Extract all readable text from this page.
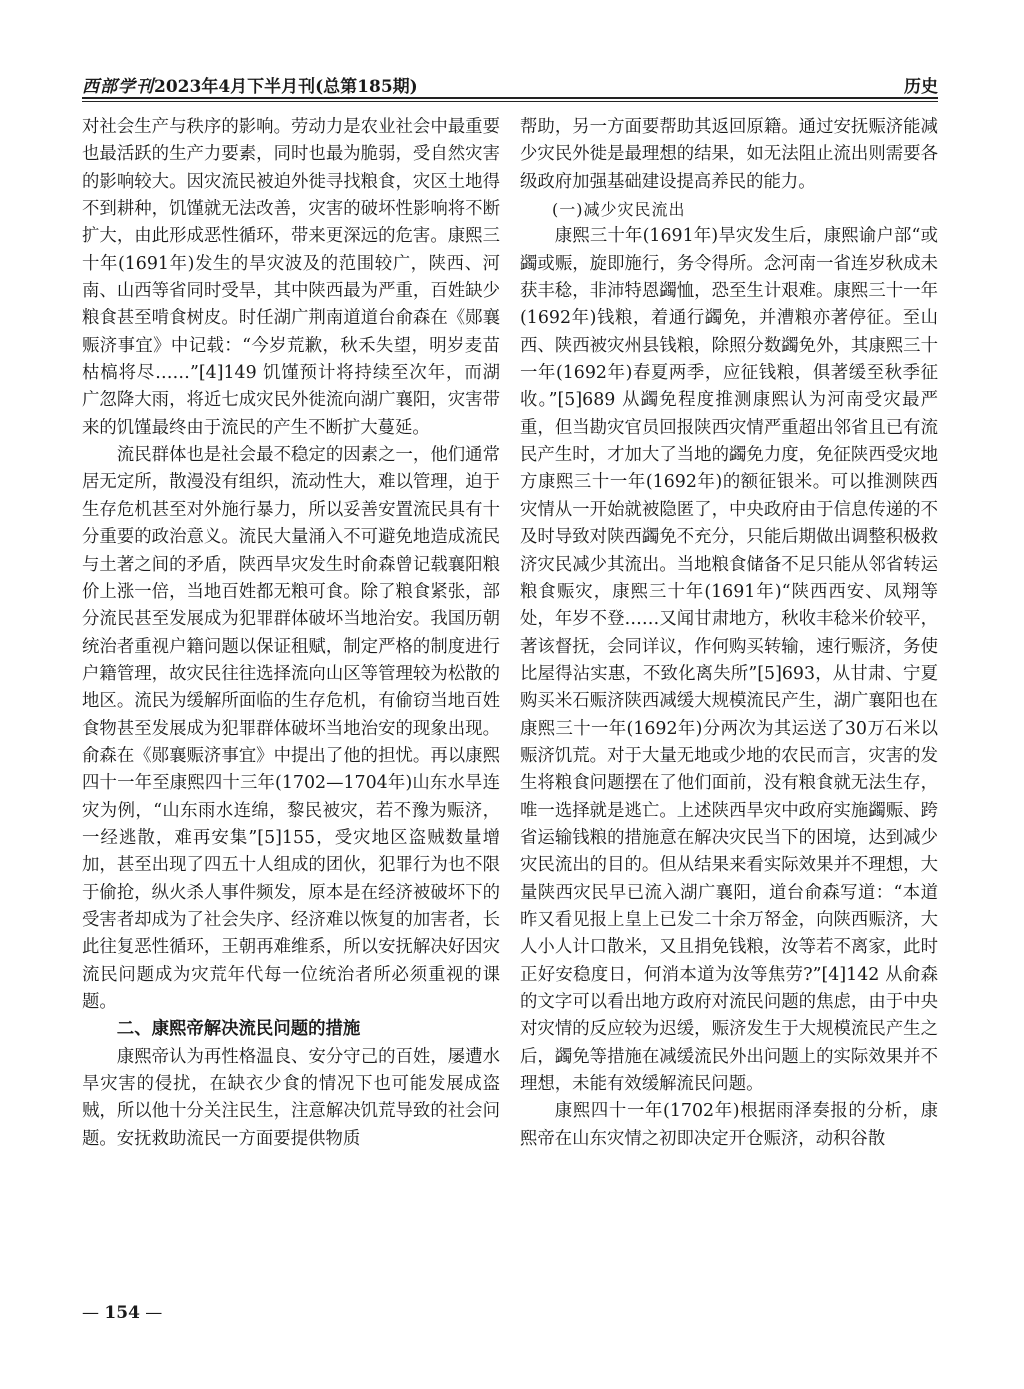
西部学刊2023年4月下半月刊(总第185期)	历史

对社会生产与秩序的影响。劳动力是农业社会中最重要也最活跃的生产力要素，同时也最为脆弱，受自然灾害的影响较大。因灾流民被迫外徙寻找粮食，灾区土地得不到耕种，饥馑就无法改善，灾害的破坏性影响将不断扩大，由此形成恶性循环，带来更深远的危害。康熙三十年(1691年)发生的旱灾波及的范围较广，陕西、河南、山西等省同时受旱，其中陕西最为严重，百姓缺少粮食甚至啃食树皮。时任湖广荆南道道台俞森在《郧襄赈济事宜》中记载：“今岁荒歉，秋禾失望，明岁麦苗枯槁将尽……”[4]149 饥馑预计将持续至次年，而湖广忽降大雨，将近七成灾民外徙流向湖广襄阳，灾害带来的饥馑最终由于流民的产生不断扩大蔓延。

流民群体也是社会最不稳定的因素之一，他们通常居无定所，散漫没有组织，流动性大，难以管理，迫于生存危机甚至对外施行暴力，所以妥善安置流民具有十分重要的政治意义。流民大量涌入不可避免地造成流民与土著之间的矛盾，陕西旱灾发生时俞森曾记载襄阳粮价上涨一倍，当地百姓都无粮可食。除了粮食紧张，部分流民甚至发展成为犯罪群体破坏当地治安。我国历朝统治者重视户籍问题以保证租赋，制定严格的制度进行户籍管理，故灾民往往选择流向山区等管理较为松散的地区。流民为缓解所面临的生存危机，有偷窃当地百姓食物甚至发展成为犯罪群体破坏当地治安的现象出现。俞森在《郧襄赈济事宜》中提出了他的担忧。再以康熙四十一年至康熙四十三年(1702—1704年)山东水旱连灾为例，“山东雨水连绵，黎民被灾，若不豫为赈济，一经逃散，难再安集”[5]155，受灾地区盗贼数量增加，甚至出现了四五十人组成的团伙，犯罪行为也不限于偷抢，纵火杀人事件频发，原本是在经济被破坏下的受害者却成为了社会失序、经济难以恢复的加害者，长此往复恶性循环，王朝再难维系，所以安抚解决好因灾流民问题成为灾荒年代每一位统治者所必须重视的课题。

二、康熙帝解决流民问题的措施

康熙帝认为再性格温良、安分守己的百姓，屡遭水旱灾害的侵扰，在缺衣少食的情况下也可能发展成盗贼，所以他十分关注民生，注意解决饥荒导致的社会问题。安抚救助流民一方面要提供物质

帮助，另一方面要帮助其返回原籍。通过安抚赈济能减少灾民外徙是最理想的结果，如无法阻止流出则需要各级政府加强基础建设提高养民的能力。

(一)减少灾民流出

康熙三十年(1691年)旱灾发生后，康熙谕户部“或蠲或赈，旋即施行，务令得所。念河南一省连岁秋成未获丰稔，非沛特恩蠲恤，恐至生计艰难。康熙三十一年(1692年)钱粮，着通行蠲免，并漕粮亦著停征。至山西、陕西被灾州县钱粮，除照分数蠲免外，其康熙三十一年(1692年)春夏两季，应征钱粮，俱著缓至秋季征收。”[5]689 从蠲免程度推测康熙认为河南受灾最严重，但当勘灾官员回报陕西灾情严重超出邻省且已有流民产生时，才加大了当地的蠲免力度，免征陕西受灾地方康熙三十一年(1692年)的额征银米。可以推测陕西灾情从一开始就被隐匿了，中央政府由于信息传递的不及时导致对陕西蠲免不充分，只能后期做出调整积极救济灾民减少其流出。当地粮食储备不足只能从邻省转运粮食赈灾，康熙三十年(1691年)“陕西西安、凤翔等处，年岁不登……又闻甘肃地方，秋收丰稔米价较平，著该督抚，会同详议，作何购买转输，速行赈济，务使比屋得沾实惠，不致化离失所”[5]693，从甘肃、宁夏购买米石赈济陕西减缓大规模流民产生，湖广襄阳也在康熙三十一年(1692年)分两次为其运送了30万石米以赈济饥荒。对于大量无地或少地的农民而言，灾害的发生将粮食问题摆在了他们面前，没有粮食就无法生存，唯一选择就是逃亡。上述陕西旱灾中政府实施蠲赈、跨省运输钱粮的措施意在解决灾民当下的困境，达到减少灾民流出的目的。但从结果来看实际效果并不理想，大量陕西灾民早已流入湖广襄阳，道台俞森写道：“本道昨又看见报上皇上已发二十余万帑金，向陕西赈济，大人小人计口散米，又且捐免钱粮，汝等若不离家，此时正好安稳度日，何消本道为汝等焦劳?”[4]142 从俞森的文字可以看出地方政府对流民问题的焦虑，由于中央对灾情的反应较为迟缓，赈济发生于大规模流民产生之后，蠲免等措施在减缓流民外出问题上的实际效果并不理想，未能有效缓解流民问题。

康熙四十一年(1702年)根据雨泽奏报的分析，康熙帝在山东灾情之初即决定开仓赈济，动积谷散

— 154 —
